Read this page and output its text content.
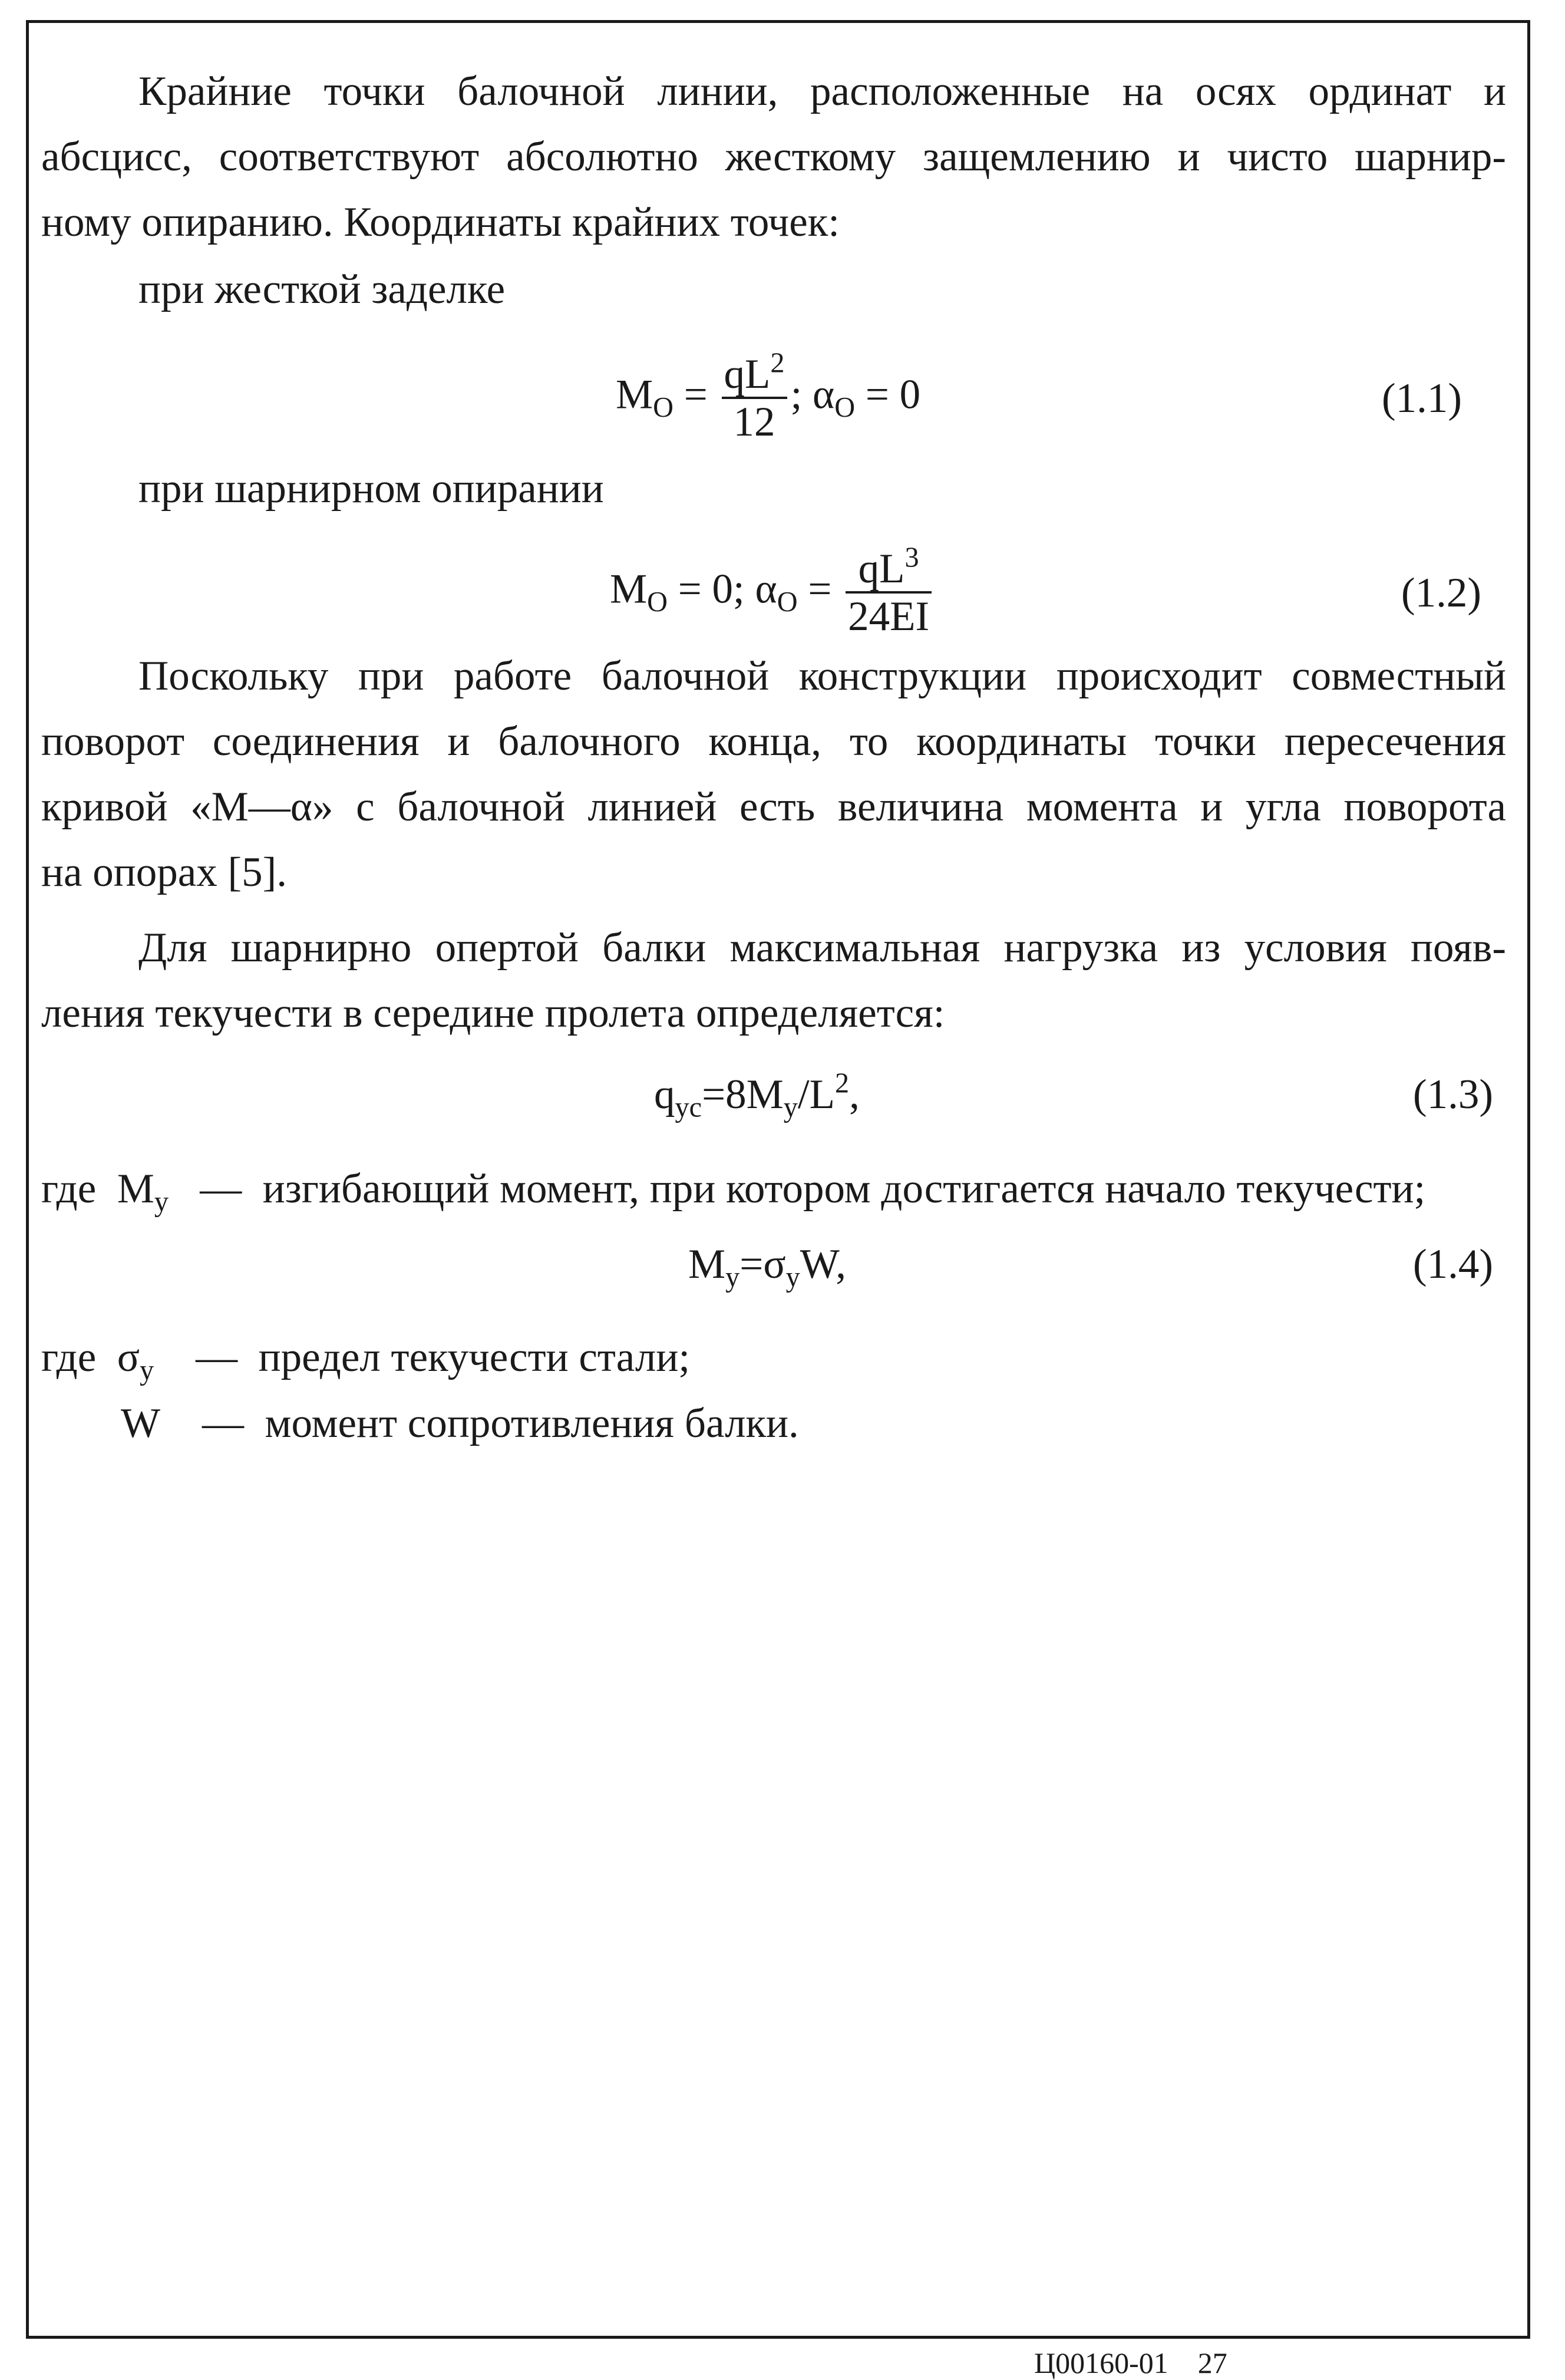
Крайние точки балочной линии, расположенные на осях ординат и
абсцисс, соответствуют абсолютно жесткому защемлению и чисто шарнир-
ному опиранию. Координаты крайних точек:
при жесткой заделке
$M_O = \frac{qL^2}{12}$ ; $\alpha_O = 0$	(1.1)
при шарнирном опирании
$M_O = 0$; $\alpha_O = \frac{qL^3}{24EI}$	(1.2)
Поскольку при работе балочной конструкции происходит совместный
поворот соединения и балочного конца, то координаты точки пересечения
кривой «M—α» с балочной линией есть величина момента и угла поворота
на опорах [5].
Для шарнирно опертой балки максимальная нагрузка из условия появ-
ления текучести в середине пролета определяется:
$q_{ус}=8M_y/L^2$,	(1.3)
где $M_y$ — изгибающий момент, при котором достигается начало текучести;
$M_y=\sigma_yW$,	(1.4)
где $\sigma_y$ — предел текучести стали;
W — момент сопротивления балки.
Ц00160-01 27
